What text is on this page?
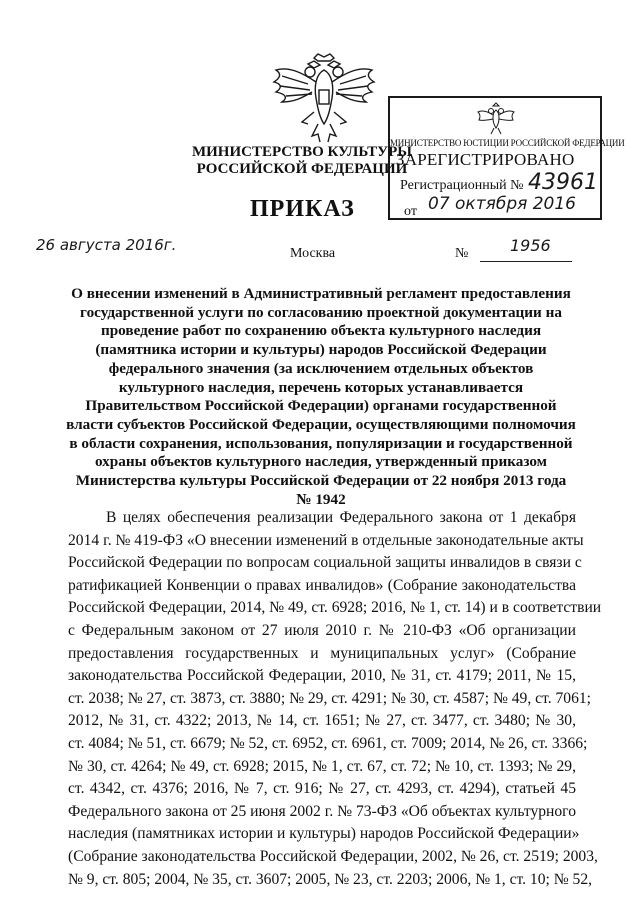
МИНИСТЕРСТВО КУЛЬТУРЫ
РОССИЙСКОЙ ФЕДЕРАЦИИ
МИНИСТЕРСТВО ЮСТИЦИИ РОССИЙСКОЙ ФЕДЕРАЦИИ
ЗАРЕГИСТРИРОВАНО
Регистрационный № 43961
от 07 октября 2016
ПРИКАЗ
26 августа 2016г.	Москва	№	1956
О внесении изменений в Административный регламент предоставления
государственной услуги по согласованию проектной документации на
проведение работ по сохранению объекта культурного наследия
(памятника истории и культуры) народов Российской Федерации
федерального значения (за исключением отдельных объектов
культурного наследия, перечень которых устанавливается
Правительством Российской Федерации) органами государственной
власти субъектов Российской Федерации, осуществляющими полномочия
в области сохранения, использования, популяризации и государственной
охраны объектов культурного наследия, утвержденный приказом
Министерства культуры Российской Федерации от 22 ноября 2013 года
№ 1942
В целях обеспечения реализации Федерального закона от 1 декабря
2014 г. № 419-ФЗ «О внесении изменений в отдельные законодательные акты
Российской Федерации по вопросам социальной защиты инвалидов в связи с
ратификацией Конвенции о правах инвалидов» (Собрание законодательства
Российской Федерации, 2014, № 49, ст. 6928; 2016, № 1, ст. 14) и в соответствии
с Федеральным законом от 27 июля 2010 г. № 210-ФЗ «Об организации
предоставления государственных и муниципальных услуг» (Собрание
законодательства Российской Федерации, 2010, № 31, ст. 4179; 2011, № 15,
ст. 2038; № 27, ст. 3873, ст. 3880; № 29, ст. 4291; № 30, ст. 4587; № 49, ст. 7061;
2012, № 31, ст. 4322; 2013, № 14, ст. 1651; № 27, ст. 3477, ст. 3480; № 30,
ст. 4084; № 51, ст. 6679; № 52, ст. 6952, ст. 6961, ст. 7009; 2014, № 26, ст. 3366;
№ 30, ст. 4264; № 49, ст. 6928; 2015, № 1, ст. 67, ст. 72; № 10, ст. 1393; № 29,
ст. 4342, ст. 4376; 2016, № 7, ст. 916; № 27, ст. 4293, ст. 4294), статьей 45
Федерального закона от 25 июня 2002 г. № 73-ФЗ «Об объектах культурного
наследия (памятниках истории и культуры) народов Российской Федерации»
(Собрание законодательства Российской Федерации, 2002, № 26, ст. 2519; 2003,
№ 9, ст. 805; 2004, № 35, ст. 3607; 2005, № 23, ст. 2203; 2006, № 1, ст. 10; № 52,
